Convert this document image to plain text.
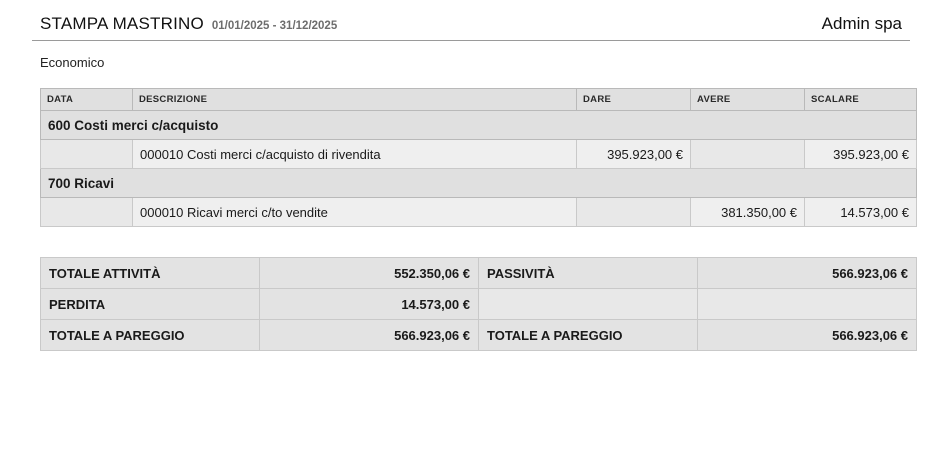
STAMPA MASTRINO 01/01/2025 - 31/12/2025	Admin spa
Economico
DATA	DESCRIZIONE	DARE	AVERE	SCALARE
600 Costi merci c/acquisto				
	000010 Costi merci c/acquisto di rivendita	395.923,00 €		395.923,00 €
700 Ricavi				
	000010 Ricavi merci c/to vendite		381.350,00 €	14.573,00 €
TOTALE ATTIVITÀ	552.350,06 €	PASSIVITÀ	566.923,06 €
PERDITA	14.573,00 €		
TOTALE A PAREGGIO	566.923,06 €	TOTALE A PAREGGIO	566.923,06 €
